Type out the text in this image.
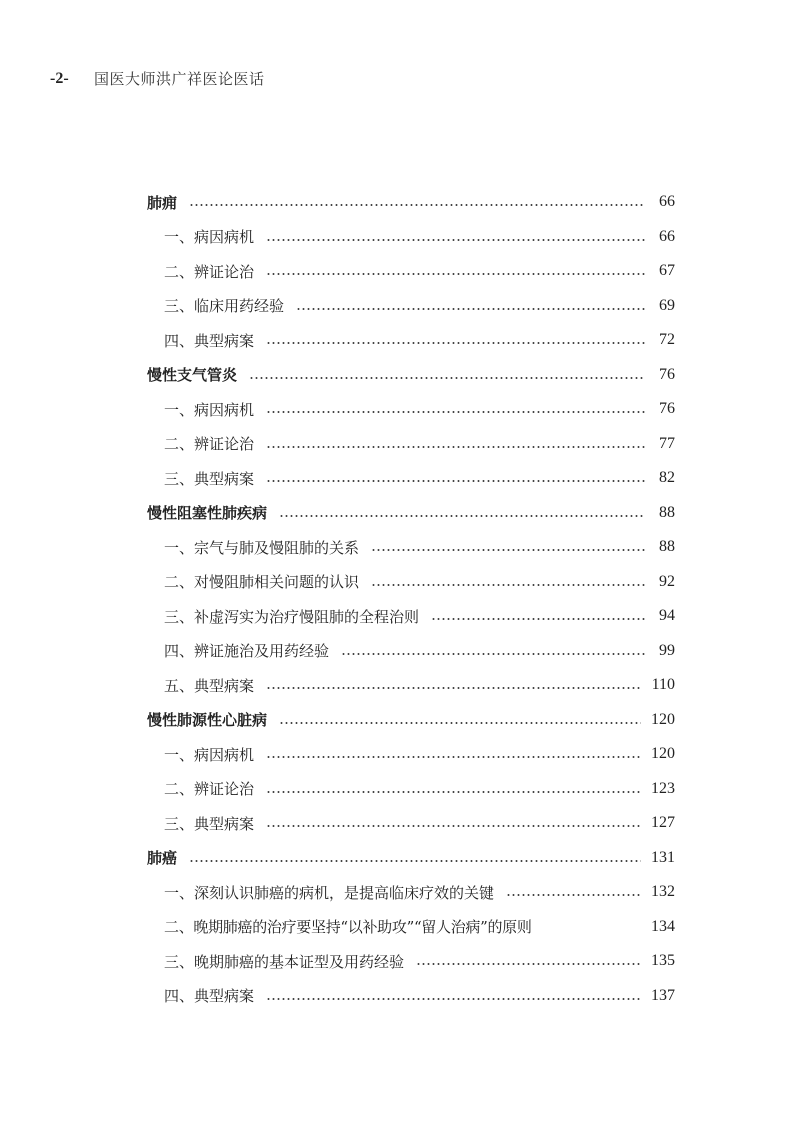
-2-	国医大师洪广祥医论医话
肺痈	66
一、病因病机	66
二、辨证论治	67
三、临床用药经验	69
四、典型病案	72
慢性支气管炎	76
一、病因病机	76
二、辨证论治	77
三、典型病案	82
慢性阻塞性肺疾病	88
一、宗气与肺及慢阻肺的关系	88
二、对慢阻肺相关问题的认识	92
三、补虚泻实为治疗慢阻肺的全程治则	94
四、辨证施治及用药经验	99
五、典型病案	110
慢性肺源性心脏病	120
一、病因病机	120
二、辨证论治	123
三、典型病案	127
肺癌	131
一、深刻认识肺癌的病机，是提高临床疗效的关键	132
二、晚期肺癌的治疗要坚持“以补助攻”“留人治病”的原则	134
三、晚期肺癌的基本证型及用药经验	135
四、典型病案	137
